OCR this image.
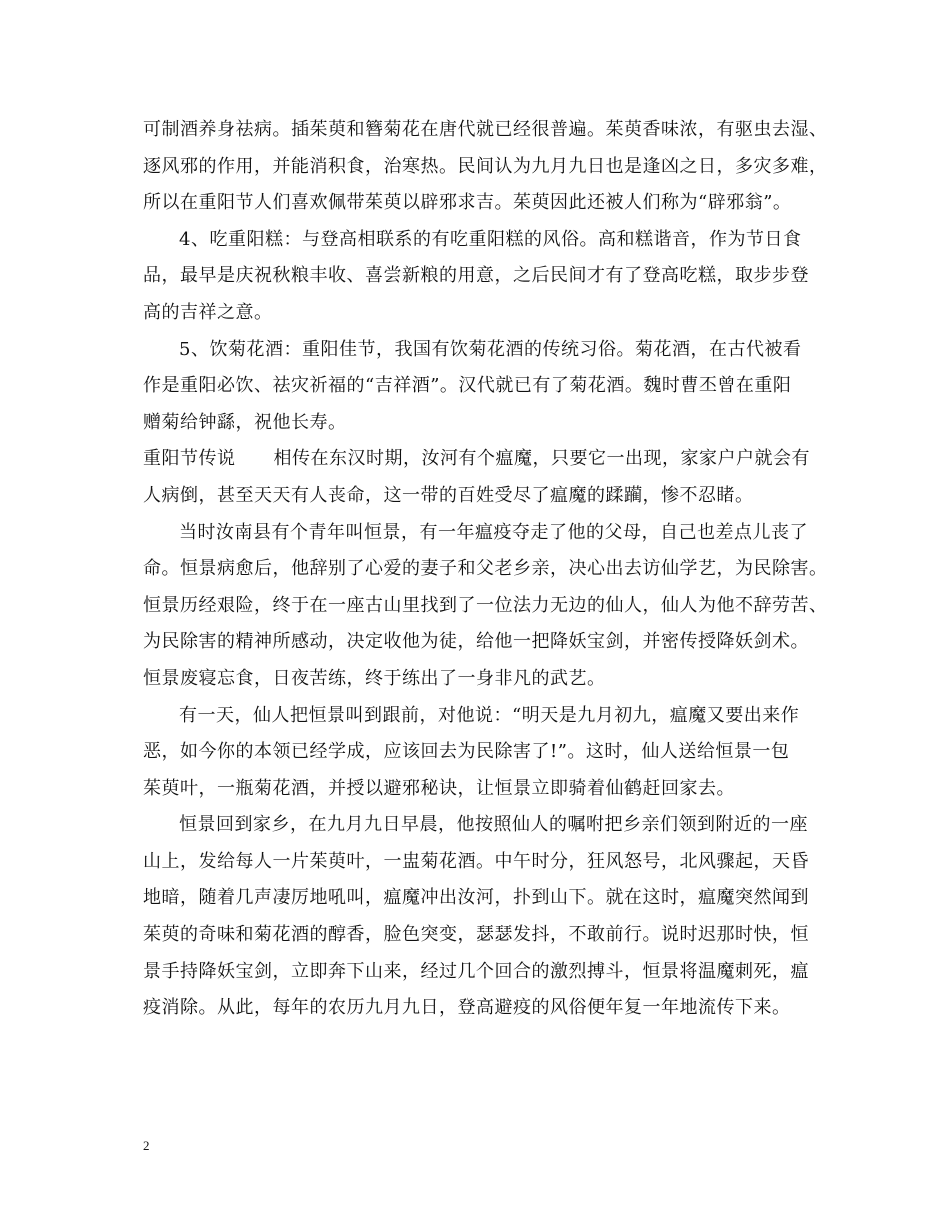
可制酒养身祛病。插茱萸和簪菊花在唐代就已经很普遍。茱萸香味浓，有驱虫去湿、
逐风邪的作用，并能消积食，治寒热。民间认为九月九日也是逢凶之日，多灾多难，
所以在重阳节人们喜欢佩带茱萸以辟邪求吉。茱萸因此还被人们称为“辟邪翁”。
4、吃重阳糕：与登高相联系的有吃重阳糕的风俗。高和糕谐音，作为节日食
品，最早是庆祝秋粮丰收、喜尝新粮的用意，之后民间才有了登高吃糕，取步步登
高的吉祥之意。
5、饮菊花酒：重阳佳节，我国有饮菊花酒的传统习俗。菊花酒，在古代被看
作是重阳必饮、祛灾祈福的“吉祥酒”。汉代就已有了菊花酒。魏时曹丕曾在重阳
赠菊给钟繇，祝他长寿。
重阳节传说 相传在东汉时期，汝河有个瘟魔，只要它一出现，家家户户就会有
人病倒，甚至天天有人丧命，这一带的百姓受尽了瘟魔的蹂躏，惨不忍睹。
当时汝南县有个青年叫恒景，有一年瘟疫夺走了他的父母，自己也差点儿丧了
命。恒景病愈后，他辞别了心爱的妻子和父老乡亲，决心出去访仙学艺，为民除害。
恒景历经艰险，终于在一座古山里找到了一位法力无边的仙人，仙人为他不辞劳苦、
为民除害的精神所感动，决定收他为徒，给他一把降妖宝剑，并密传授降妖剑术。
恒景废寝忘食，日夜苦练，终于练出了一身非凡的武艺。
有一天，仙人把恒景叫到跟前，对他说：“明天是九月初九，瘟魔又要出来作
恶，如今你的本领已经学成，应该回去为民除害了!”。这时，仙人送给恒景一包
茱萸叶，一瓶菊花酒，并授以避邪秘诀，让恒景立即骑着仙鹤赶回家去。
恒景回到家乡，在九月九日早晨，他按照仙人的嘱咐把乡亲们领到附近的一座
山上，发给每人一片茱萸叶，一盅菊花酒。中午时分，狂风怒号，北风骤起，天昏
地暗，随着几声凄厉地吼叫，瘟魔冲出汝河，扑到山下。就在这时，瘟魔突然闻到
茱萸的奇味和菊花酒的醇香，脸色突变，瑟瑟发抖，不敢前行。说时迟那时快，恒
景手持降妖宝剑，立即奔下山来，经过几个回合的激烈搏斗，恒景将温魔刺死，瘟
疫消除。从此，每年的农历九月九日，登高避疫的风俗便年复一年地流传下来。
2
